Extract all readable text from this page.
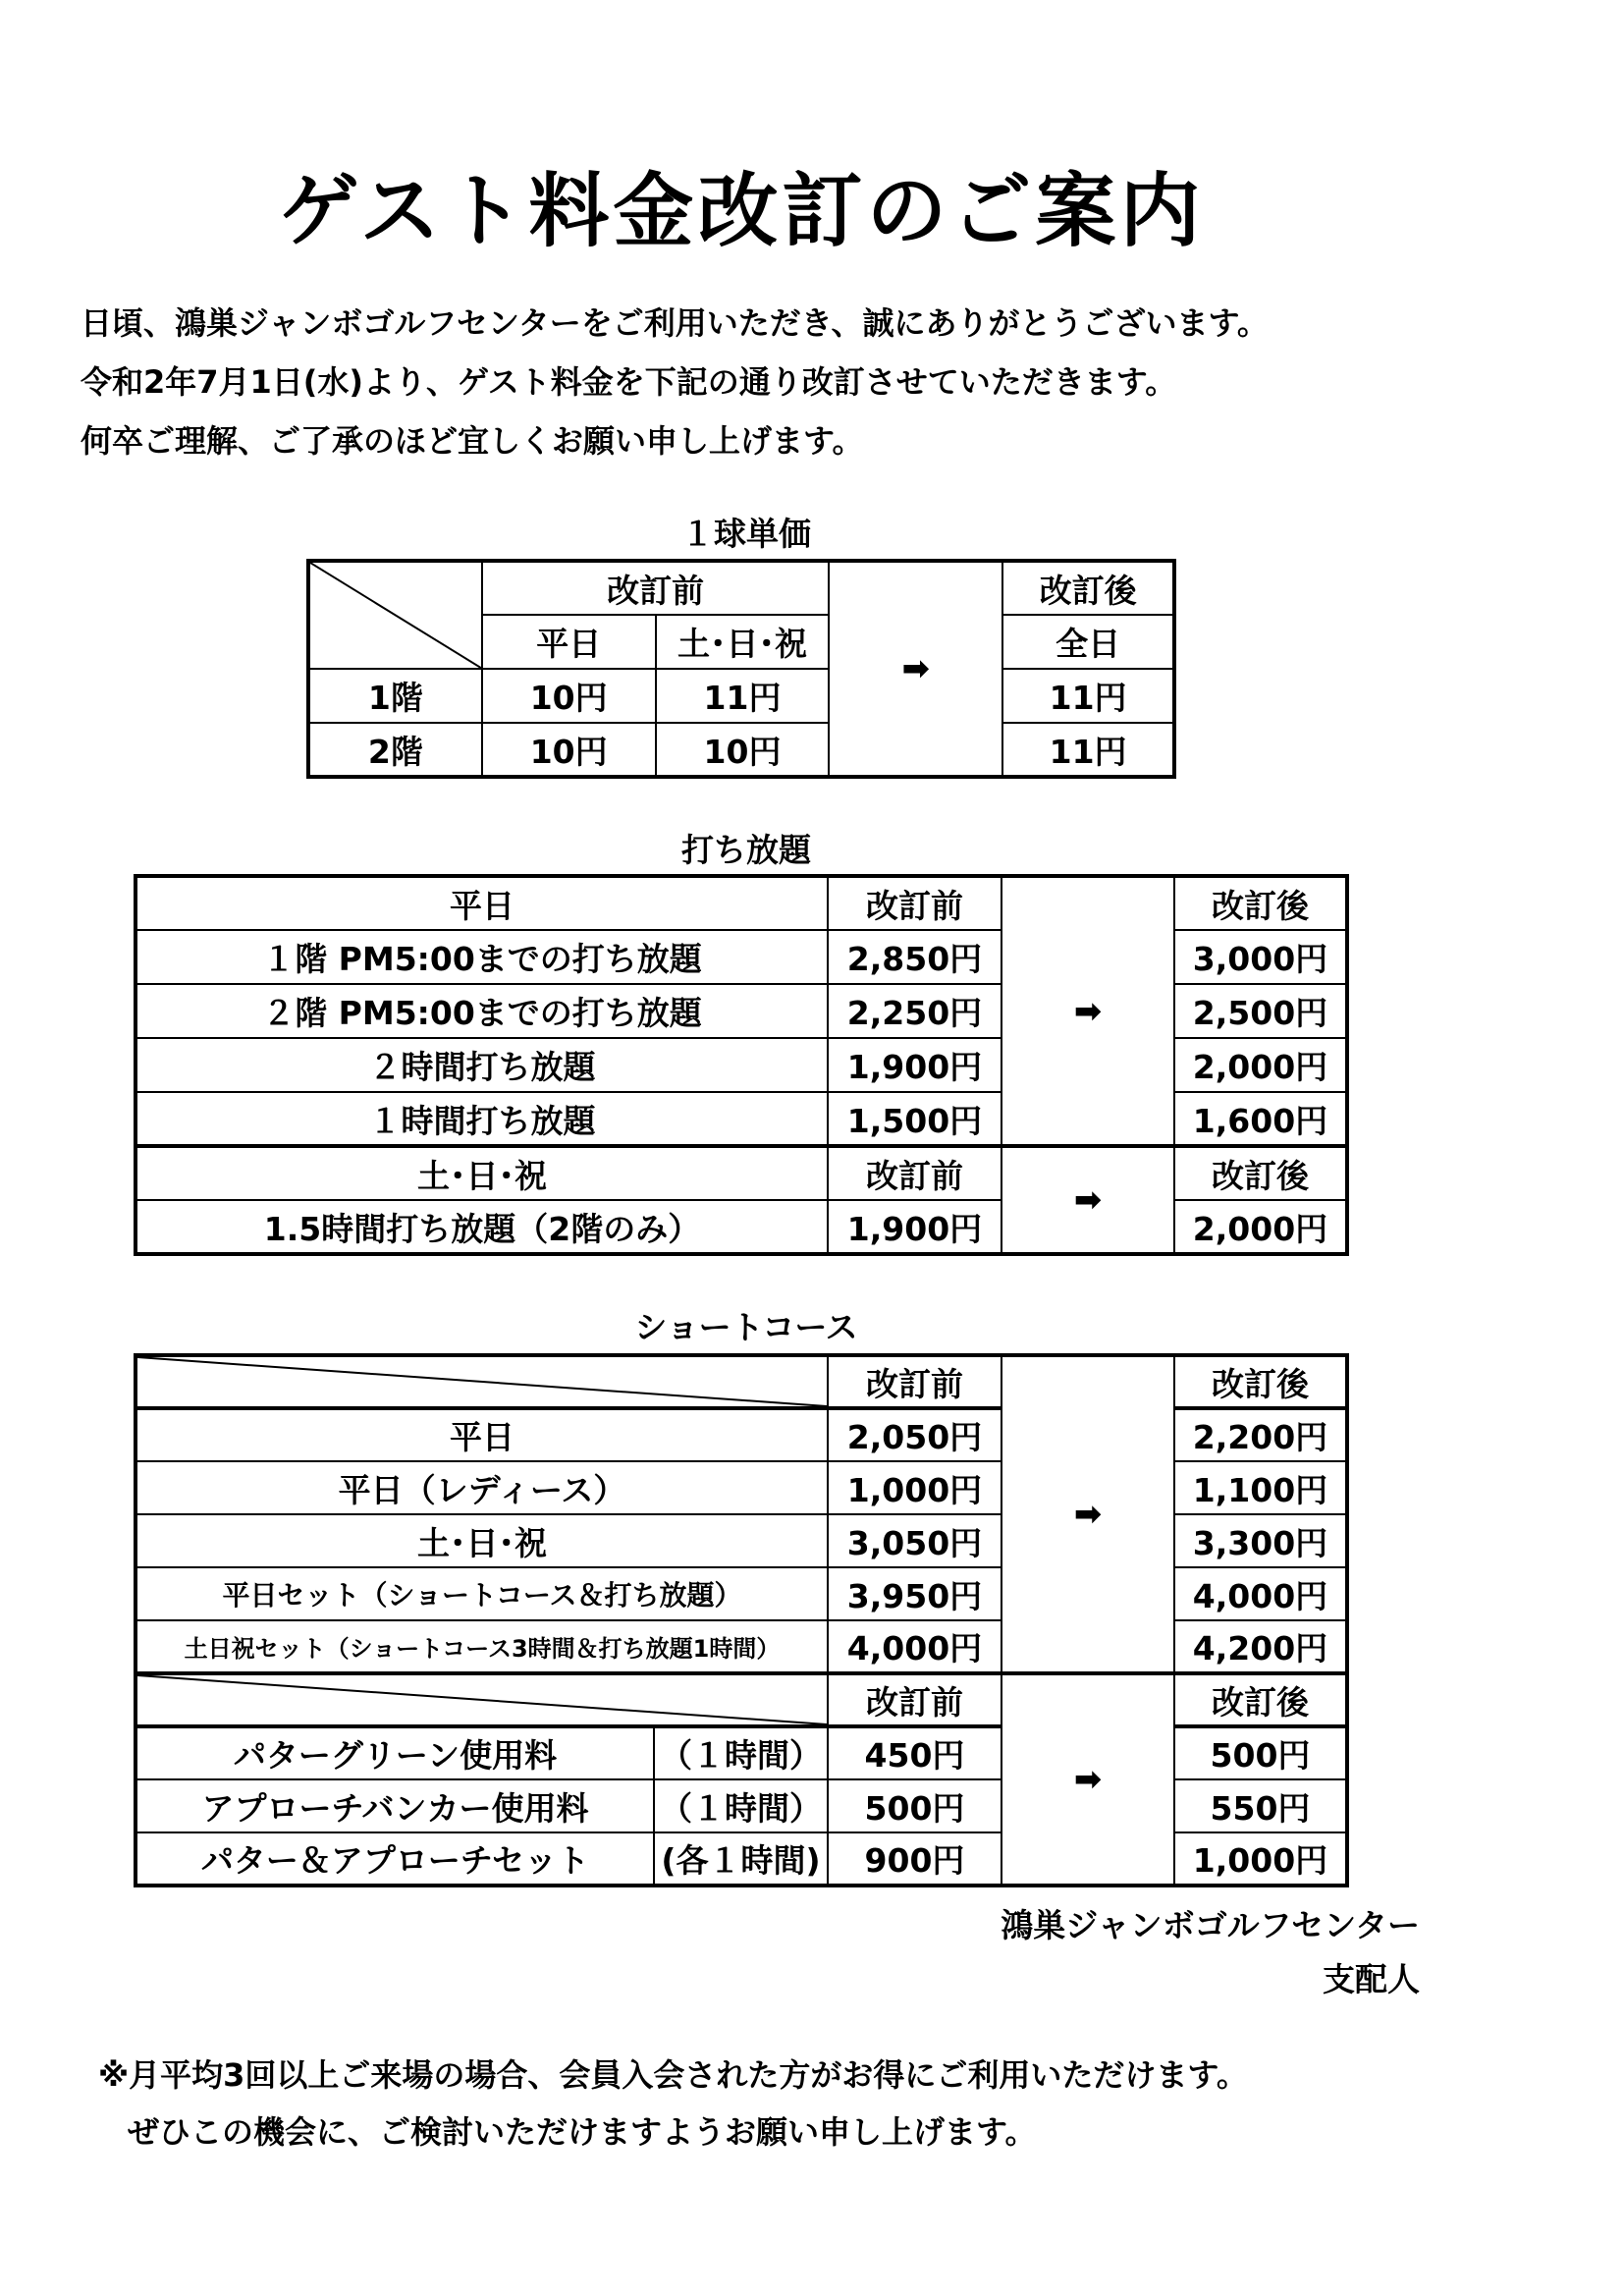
ゲスト料金改訂のご案内
日頃、鴻巣ジャンボゴルフセンターをご利用いただき、誠にありがとうございます。
令和2年7月1日(水)より、ゲスト料金を下記の通り改訂させていただきます。
何卒ご理解、ご了承のほど宜しくお願い申し上げます。
１球単価
	改訂前		➡	改訂後
	平日	土･日･祝		全日
1階	10円	11円		11円
2階	10円	10円		11円
打ち放題
平日	改訂前	➡	改訂後
１階 PM5:00までの打ち放題	2,850円		3,000円
２階 PM5:00までの打ち放題	2,250円		2,500円
２時間打ち放題	1,900円		2,000円
１時間打ち放題	1,500円		1,600円
土･日･祝	改訂前	➡	改訂後
1.5時間打ち放題（2階のみ）	1,900円		2,000円
ショートコース
	改訂前	➡	改訂後
平日		2,050円		2,200円
平日（レディース）		1,000円		1,100円
土･日･祝		3,050円		3,300円
平日セット（ショートコース＆打ち放題）		3,950円		4,000円
土日祝セット（ショートコース3時間＆打ち放題1時間）		4,000円		4,200円

	改訂前	➡	改訂後
パターグリーン使用料	（１時間）	450円		500円
アプローチバンカー使用料	（１時間）	500円		550円
パター＆アプローチセット	(各１時間)	900円		1,000円
鴻巣ジャンボゴルフセンター
支配人
※月平均3回以上ご来場の場合、会員入会された方がお得にご利用いただけます。
ぜひこの機会に、ご検討いただけますようお願い申し上げます。
